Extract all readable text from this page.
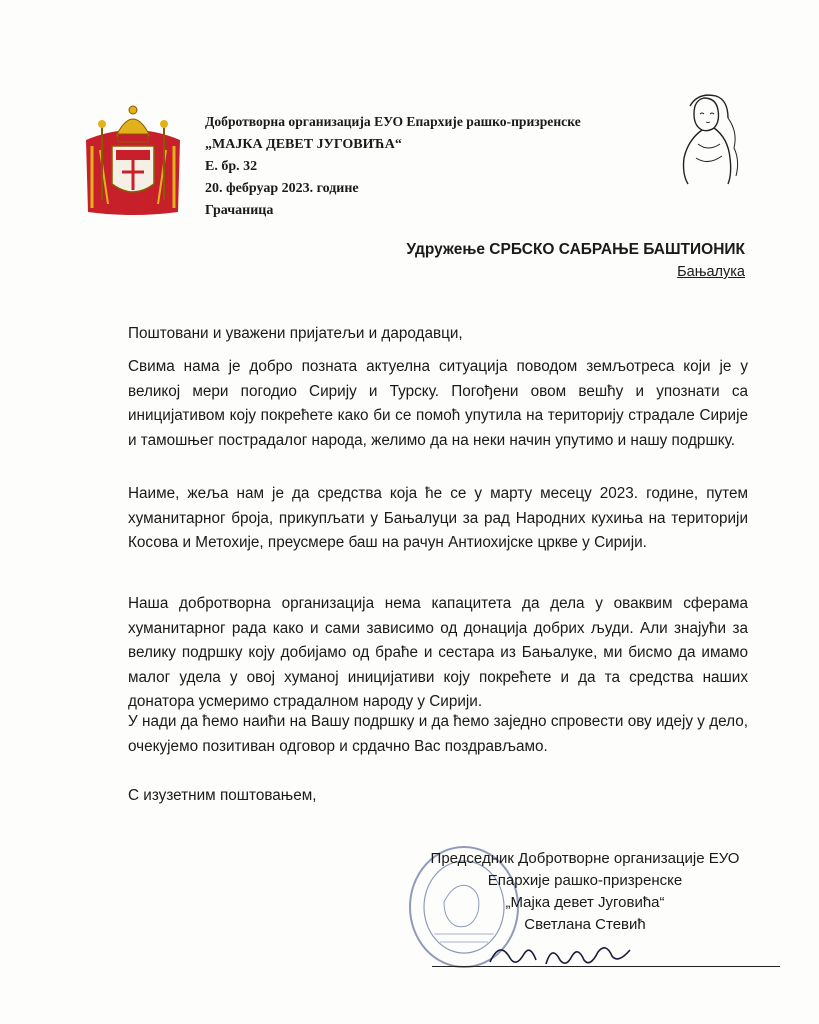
Добротворна организација ЕУО Епархије рашко-призренске
„МАЈКА ДЕВЕТ ЈУГОВИЋА“
Е. бр. 32
20. фебруар 2023. године
Грачаница
Удружење СРБСКО САБРАЊЕ БАШТИОНИК
Бањалука
Поштовани и уважени пријатељи и дародавци,
Свима нама је добро позната актуелна ситуација поводом земљотреса који је у великој мери погодио Сирију и Турску. Погођени овом вешћу и упознати са иницијативом коју покрећете како би се помоћ упутила на територију страдале Сирије и тамошњег пострадалог народа, желимо да на неки начин упутимо и нашу подршку.
Наиме, жеља нам је да средства која ће се у марту месецу 2023. године, путем хуманитарног броја, прикупљати у Бањалуци за рад Народних кухиња на територији Косова и Метохије, преусмере баш на рачун Антиохијске цркве у Сирији.
Наша добротворна организација нема капацитета да дела у оваквим сферама хуманитарног рада како и сами зависимо од донација добрих људи. Али знајући за велику подршку коју добијамо од браће и сестара из Бањалуке, ми бисмо да имамо малог удела у овој хуманој иницијативи коју покрећете и да та средства наших донатора усмеримо страдалном народу у Сирији.
У нади да ћемо наићи на Вашу подршку и да ћемо заједно спровести ову идеју у дело, очекујемо позитиван одговор и срдачно Вас поздрављамо.
С изузетним поштовањем,
Председник Добротворне организације ЕУО
Епархије рашко-призренске
„Мајка девет Југовића“
Светлана Стевић
